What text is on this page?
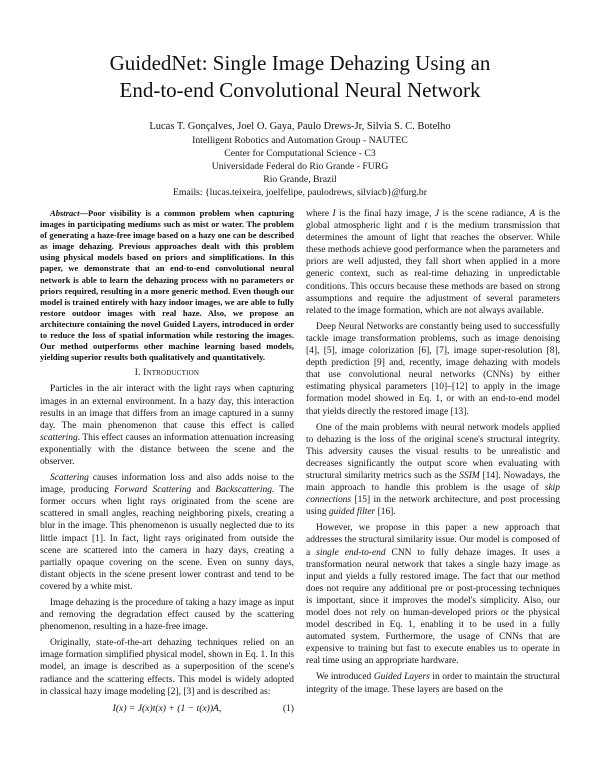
GuidedNet: Single Image Dehazing Using an
End-to-end Convolutional Neural Network
Lucas T. Gonçalves, Joel O. Gaya, Paulo Drews-Jr, Silvia S. C. Botelho
Intelligent Robotics and Automation Group - NAUTEC
Center for Computational Science - C3
Universidade Federal do Rio Grande - FURG
Rio Grande, Brazil
Emails: {lucas.teixeira, joelfelipe, paulodrews, silviacb}@furg.br

Abstract—Poor visibility is a common problem when capturing images in participating mediums such as mist or water. The problem of generating a haze-free image based on a hazy one can be described as image dehazing. Previous approaches dealt with this problem using physical models based on priors and simplifications. In this paper, we demonstrate that an end-to-end convolutional neural network is able to learn the dehazing process with no parameters or priors required, resulting in a more generic method. Even though our model is trained entirely with hazy indoor images, we are able to fully restore outdoor images with real haze. Also, we propose an architecture containing the novel Guided Layers, introduced in order to reduce the loss of spatial information while restoring the images. Our method outperforms other machine learning based models, yielding superior results both qualitatively and quantitatively.

I. Introduction

Particles in the air interact with the light rays when capturing images in an external environment. In a hazy day, this interaction results in an image that differs from an image captured in a sunny day. The main phenomenon that cause this effect is called scattering. This effect causes an information attenuation increasing exponentially with the distance between the scene and the observer.

Scattering causes information loss and also adds noise to the image, producing Forward Scattering and Backscattering. The former occurs when light rays originated from the scene are scattered in small angles, reaching neighboring pixels, creating a blur in the image. This phenomenon is usually neglected due to its little impact [1]. In fact, light rays originated from outside the scene are scattered into the camera in hazy days, creating a partially opaque covering on the scene. Even on sunny days, distant objects in the scene present lower contrast and tend to be covered by a white mist.

Image dehazing is the procedure of taking a hazy image as input and removing the degradation effect caused by the scattering phenomenon, resulting in a haze-free image.

Originally, state-of-the-art dehazing techniques relied on an image formation simplified physical model, shown in Eq. 1. In this model, an image is described as a superposition of the scene's radiance and the scattering effects. This model is widely adopted in classical hazy image modeling [2], [3] and is described as:

I(x) = J(x)t(x) + (1 − t(x))A,	(1)

where I is the final hazy image, J is the scene radiance, A is the global atmospheric light and t is the medium transmission that determines the amount of light that reaches the observer. While these methods achieve good performance when the parameters and priors are well adjusted, they fall short when applied in a more generic context, such as real-time dehazing in unpredictable conditions. This occurs because these methods are based on strong assumptions and require the adjustment of several parameters related to the image formation, which are not always available.

Deep Neural Networks are constantly being used to successfully tackle image transformation problems, such as image denoising [4], [5], image colorization [6], [7], image super-resolution [8], depth prediction [9] and, recently, image dehazing with models that use convolutional neural networks (CNNs) by either estimating physical parameters [10]–[12] to apply in the image formation model showed in Eq. 1, or with an end-to-end model that yields directly the restored image [13].

One of the main problems with neural network models applied to dehazing is the loss of the original scene's structural integrity. This adversity causes the visual results to be unrealistic and decreases significantly the output score when evaluating with structural similarity metrics such as the SSIM [14]. Nowadays, the main approach to handle this problem is the usage of skip connections [15] in the network architecture, and post processing using guided filter [16].

However, we propose in this paper a new approach that addresses the structural similarity issue. Our model is composed of a single end-to-end CNN to fully dehaze images. It uses a transformation neural network that takes a single hazy image as input and yields a fully restored image. The fact that our method does not require any additional pre or post-processing techniques is important, since it improves the model's simplicity. Also, our model does not rely on human-developed priors or the physical model described in Eq. 1, enabling it to be used in a fully automated system. Furthermore, the usage of CNNs that are expensive to training but fast to execute enables us to operate in real time using an appropriate hardware.

We introduced Guided Layers in order to maintain the structural integrity of the image. These layers are based on the
